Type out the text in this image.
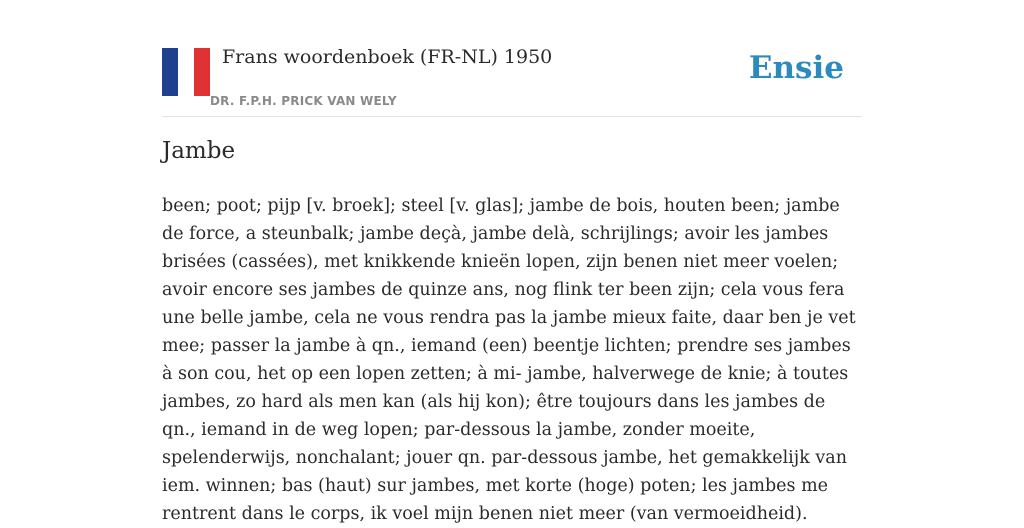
Frans woordenboek (FR-NL) 1950
DR. F.P.H. PRICK VAN WELY
Ensie
Jambe

been; poot; pijp [v. broek]; steel [v. glas]; jambe de bois, houten been; jambe de force, a steunbalk; jambe deçà, jambe delà, schrijlings; avoir les jambes brisées (cassées), met knikkende knieën lopen, zijn benen niet meer voelen; avoir encore ses jambes de quinze ans, nog flink ter been zijn; cela vous fera une belle jambe, cela ne vous rendra pas la jambe mieux faite, daar ben je vet mee; passer la jambe à qn., iemand (een) beentje lichten; prendre ses jambes à son cou, het op een lopen zetten; à mi- jambe, halverwege de knie; à toutes jambes, zo hard als men kan (als hij kon); être toujours dans les jambes de qn., iemand in de weg lopen; par-dessous la jambe, zonder moeite, spelenderwijs, nonchalant; jouer qn. par-dessous jambe, het gemakkelijk van iem. winnen; bas (haut) sur jambes, met korte (hoge) poten; les jambes me rentrent dans le corps, ik voel mijn benen niet meer (van vermoeidheid).
